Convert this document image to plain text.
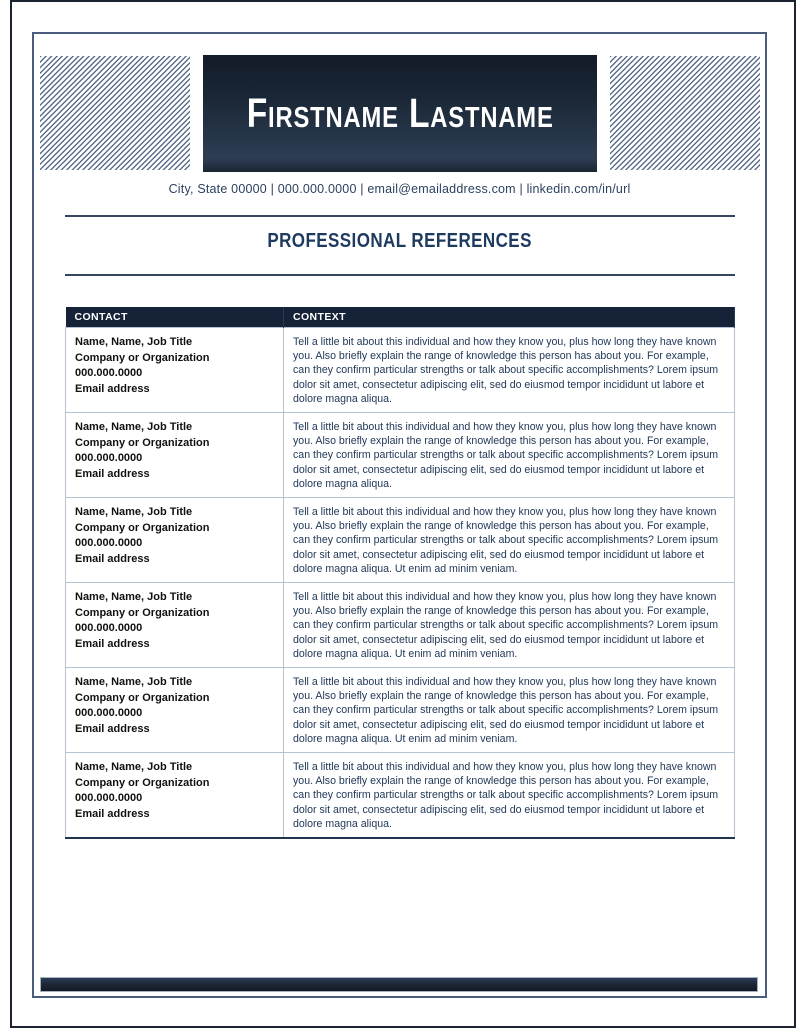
Firstname Lastname
City, State 00000 | 000.000.0000 | email@emailaddress.com | linkedin.com/in/url
PROFESSIONAL REFERENCES
CONTACT	CONTEXT

Name, Name, Job Title
Company or Organization
000.000.0000
Email address
	Tell a little bit about this individual and how they know you, plus how long they have known you. Also briefly explain the range of knowledge this person has about you. For example, can they confirm particular strengths or talk about specific accomplishments? Lorem ipsum dolor sit amet, consectetur adipiscing elit, sed do eiusmod tempor incididunt ut labore et dolore magna aliqua.

Name, Name, Job Title
Company or Organization
000.000.0000
Email address
	Tell a little bit about this individual and how they know you, plus how long they have known you. Also briefly explain the range of knowledge this person has about you. For example, can they confirm particular strengths or talk about specific accomplishments? Lorem ipsum dolor sit amet, consectetur adipiscing elit, sed do eiusmod tempor incididunt ut labore et dolore magna aliqua.

Name, Name, Job Title
Company or Organization
000.000.0000
Email address
	Tell a little bit about this individual and how they know you, plus how long they have known you. Also briefly explain the range of knowledge this person has about you. For example, can they confirm particular strengths or talk about specific accomplishments? Lorem ipsum dolor sit amet, consectetur adipiscing elit, sed do eiusmod tempor incididunt ut labore et dolore magna aliqua. Ut enim ad minim veniam.

Name, Name, Job Title
Company or Organization
000.000.0000
Email address
	Tell a little bit about this individual and how they know you, plus how long they have known you. Also briefly explain the range of knowledge this person has about you. For example, can they confirm particular strengths or talk about specific accomplishments? Lorem ipsum dolor sit amet, consectetur adipiscing elit, sed do eiusmod tempor incididunt ut labore et dolore magna aliqua. Ut enim ad minim veniam.

Name, Name, Job Title
Company or Organization
000.000.0000
Email address
	Tell a little bit about this individual and how they know you, plus how long they have known you. Also briefly explain the range of knowledge this person has about you. For example, can they confirm particular strengths or talk about specific accomplishments? Lorem ipsum dolor sit amet, consectetur adipiscing elit, sed do eiusmod tempor incididunt ut labore et dolore magna aliqua. Ut enim ad minim veniam.

Name, Name, Job Title
Company or Organization
000.000.0000
Email address
	Tell a little bit about this individual and how they know you, plus how long they have known you. Also briefly explain the range of knowledge this person has about you. For example, can they confirm particular strengths or talk about specific accomplishments? Lorem ipsum dolor sit amet, consectetur adipiscing elit, sed do eiusmod tempor incididunt ut labore et dolore magna aliqua.
